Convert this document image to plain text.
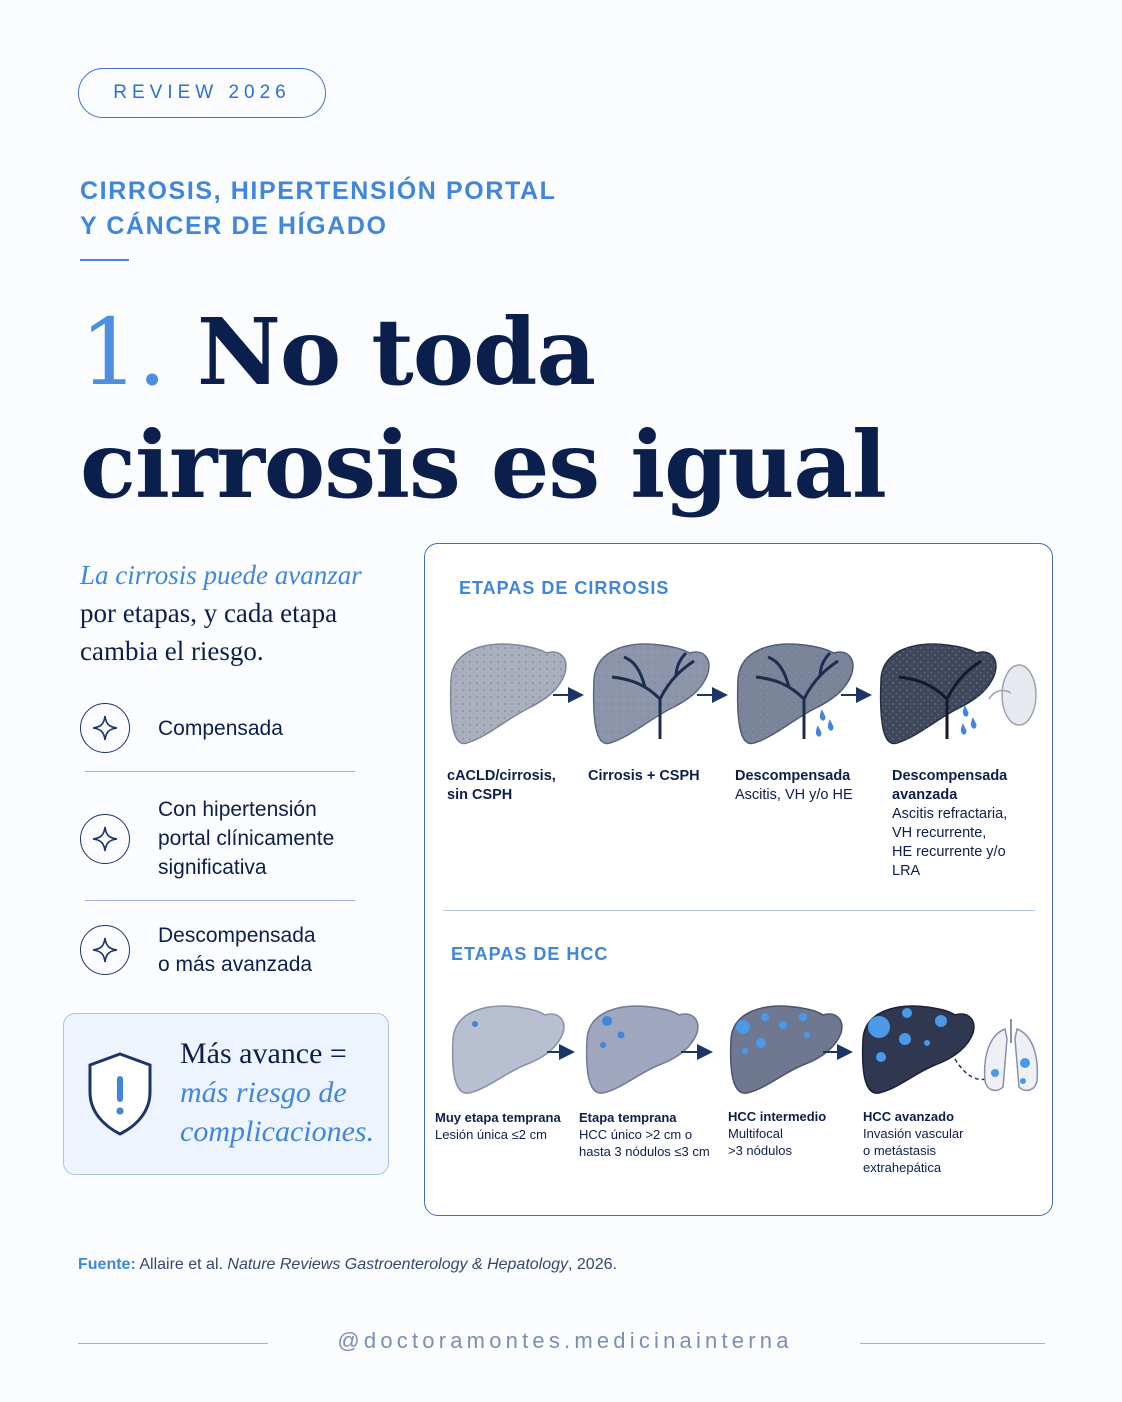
REVIEW 2026
CIRROSIS, HIPERTENSIÓN PORTAL
Y CÁNCER DE HÍGADO
1. No toda
cirrosis es igual
La cirrosis puede avanzar
por etapas, y cada etapa
cambia el riesgo.
Compensada
Con hipertensión
portal clínicamente
significativa
Descompensada
o más avanzada
Más avance =
más riesgo de
complicaciones.
ETAPAS DE CIRROSIS
cACLD/cirrosis,
sin CSPH
Cirrosis + CSPH	Descompensada
Ascitis, VH y/o HE
Descompensada
avanzada
Ascitis refractaria,
VH recurrente,
HE recurrente y/o
LRA
ETAPAS DE HCC
Muy etapa temprana
Lesión única ≤2 cm
Etapa temprana
HCC único >2 cm o
hasta 3 nódulos ≤3 cm
HCC intermedio
Multifocal
>3 nódulos
HCC avanzado
Invasión vascular
o metástasis
extrahepática
Fuente: Allaire et al. Nature Reviews Gastroenterology & Hepatology, 2026.
@doctoramontes.medicinainterna
